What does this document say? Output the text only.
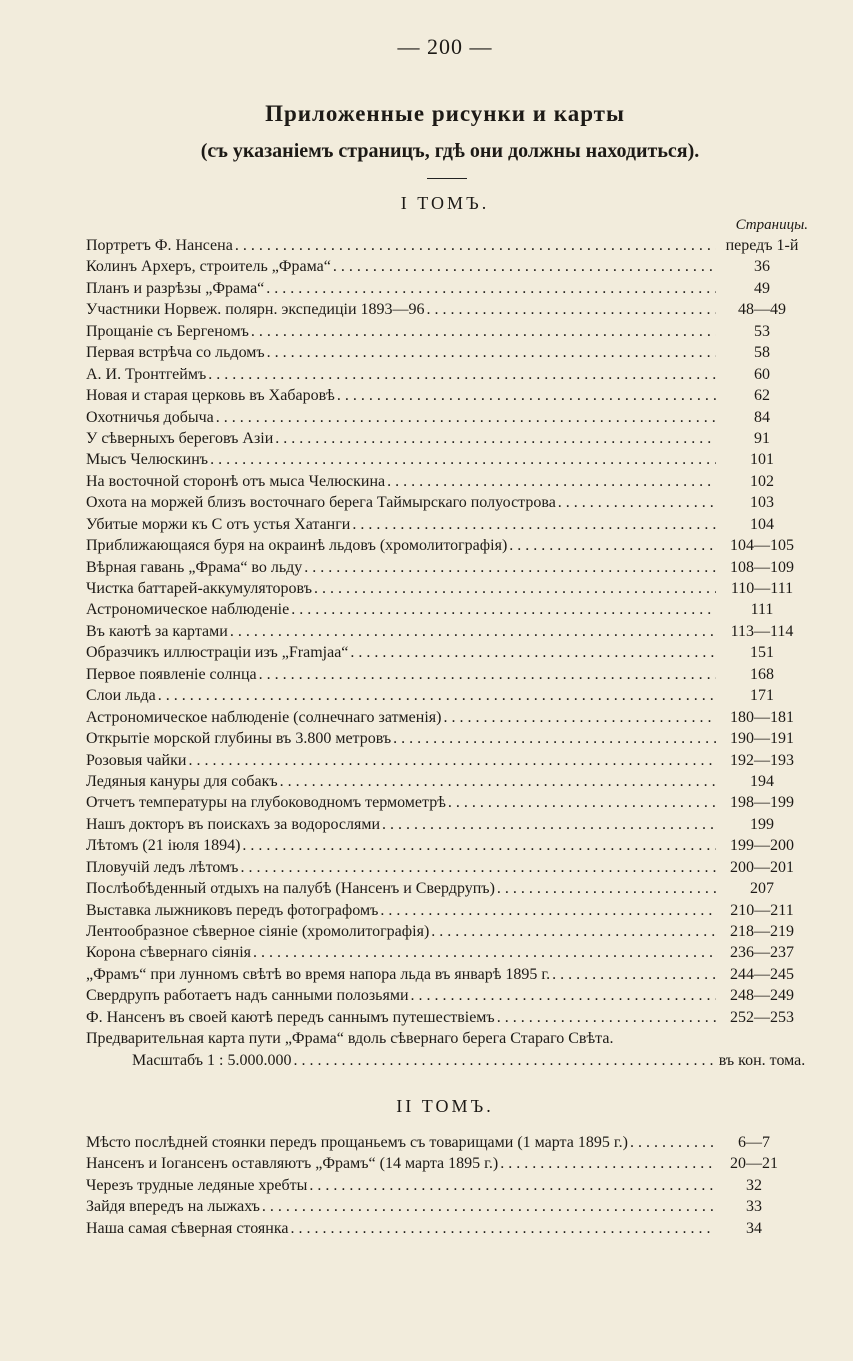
— 200 —
Приложенные рисунки и карты
(съ указаніемъ страницъ, гдѣ они должны находиться).
I ТОМЪ.
Страницы.
Портретъ Ф. Нансена . . .	передъ 1-й
Колинъ Археръ, строитель „Фрама“ . . .	36
Планъ и разрѣзы „Фрама“ . . .	49
Участники Норвеж. полярн. экспедиціи 1893—96 . . .	48—49
Прощаніе съ Бергеномъ . . .	53
Первая встрѣча со льдомъ . . .	58
А. И. Тронтгеймъ . . .	60
Новая и старая церковь въ Хабаровѣ . . .	62
Охотничья добыча . . .	84
У сѣверныхъ береговъ Азіи . . .	91
Мысъ Челюскинъ . . .	101
На восточной сторонѣ отъ мыса Челюскина . . .	102
Охота на моржей близъ восточнаго берега Таймырскаго полуострова . . .	103
Убитые моржи къ С отъ устья Хатанги . . .	104
Приближающаяся буря на окраинѣ льдовъ (хромолитографія) . . .	104—105
Вѣрная гавань „Фрама“ во льду . . .	108—109
Чистка баттарей-аккумуляторовъ . . .	110—111
Астрономическое наблюденіе . . .	111
Въ каютѣ за картами . . .	113—114
Образчикъ иллюстраціи изъ „Framjaa“ . . .	151
Первое появленіе солнца . . .	168
Слои льда . . .	171
Астрономическое наблюденіе (солнечнаго затменія) . . .	180—181
Открытіе морской глубины въ 3.800 метровъ . . .	190—191
Розовыя чайки . . .	192—193
Ледяныя кануры для собакъ . . .	194
Отчетъ температуры на глубоководномъ термометрѣ . . .	198—199
Нашъ докторъ въ поискахъ за водорослями . . .	199
Лѣтомъ (21 іюля 1894) . . .	199—200
Пловучій ледъ лѣтомъ . . .	200—201
Послѣобѣденный отдыхъ на палубѣ (Нансенъ и Свердрупъ) . . .	207
Выставка лыжниковъ передъ фотографомъ . . .	210—211
Лентообразное сѣверное сіяніе (хромолитографія) . . .	218—219
Корона сѣвернаго сіянія . . .	236—237
„Фрамъ“ при лунномъ свѣтѣ во время напора льда въ январѣ 1895 г. . . .	244—245
Свердрупъ работаетъ надъ санными полозьями . . .	248—249
Ф. Нансенъ въ своей каютѣ передъ саннымъ путешествіемъ . . .	252—253
Предварительная карта пути „Фрама“ вдоль сѣвернаго берега Стараго Свѣта.
Масштабъ 1 : 5.000.000 . . .	въ кон. тома.
II ТОМЪ.
Мѣсто послѣдней стоянки передъ прощаньемъ съ товарищами (1 марта 1895 г.) . . .	6—7
Нансенъ и Іогансенъ оставляютъ „Фрамъ“ (14 марта 1895 г.) . . .	20—21
Черезъ трудные ледяные хребты . . .	32
Зайдя впередъ на лыжахъ . . .	33
Наша самая сѣверная стоянка . . .	34
